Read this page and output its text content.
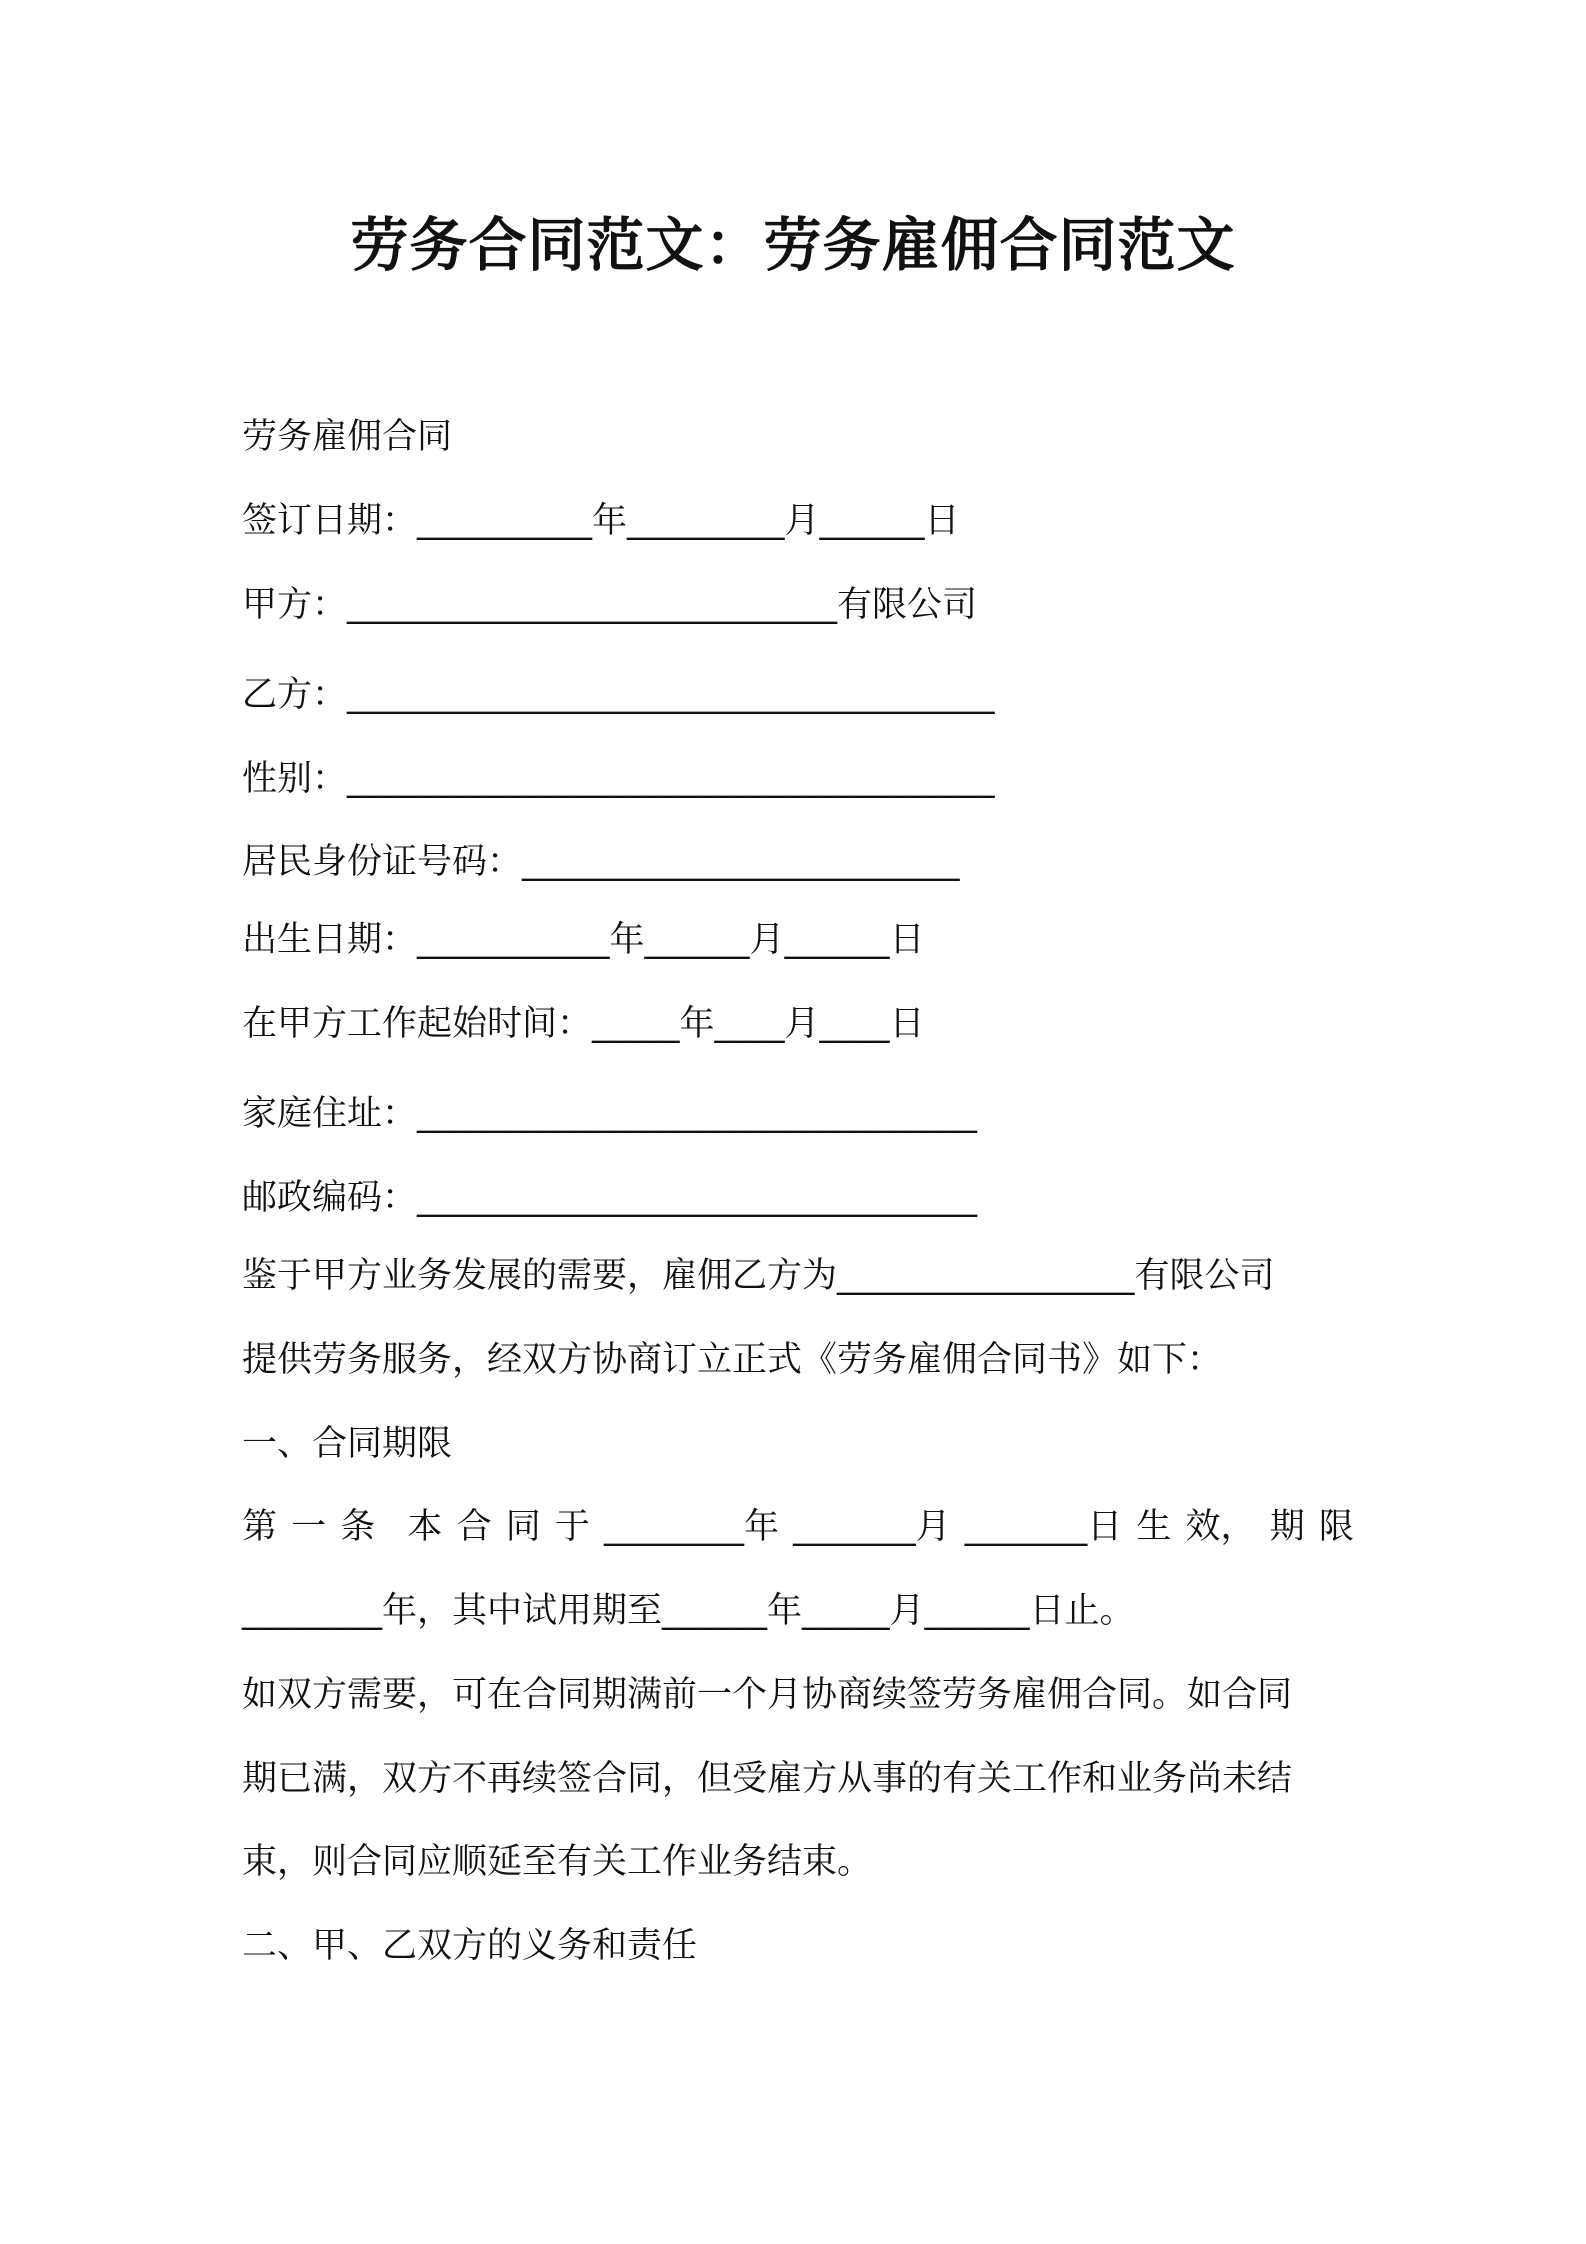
劳务合同范文：劳务雇佣合同范文
劳务雇佣合同
签订日期：__________年_________月______日
甲方：____________________________有限公司
乙方：_____________________________________
性别：_____________________________________
居民身份证号码：_________________________
出生日期：___________年______月______日
在甲方工作起始时间：_____年____月____日
家庭住址：________________________________
邮政编码：________________________________
鉴于甲方业务发展的需要，雇佣乙方为_________________有限公司
提供劳务服务，经双方协商订立正式《劳务雇佣合同书》如下：
一、合同期限
第 一 条 本 合 同 于 ________年 _______月 _______日 生 效， 期 限
________年，其中试用期至______年_____月______日止。
如双方需要，可在合同期满前一个月协商续签劳务雇佣合同。如合同
期已满，双方不再续签合同，但受雇方从事的有关工作和业务尚未结
束，则合同应顺延至有关工作业务结束。
二、甲、乙双方的义务和责任
